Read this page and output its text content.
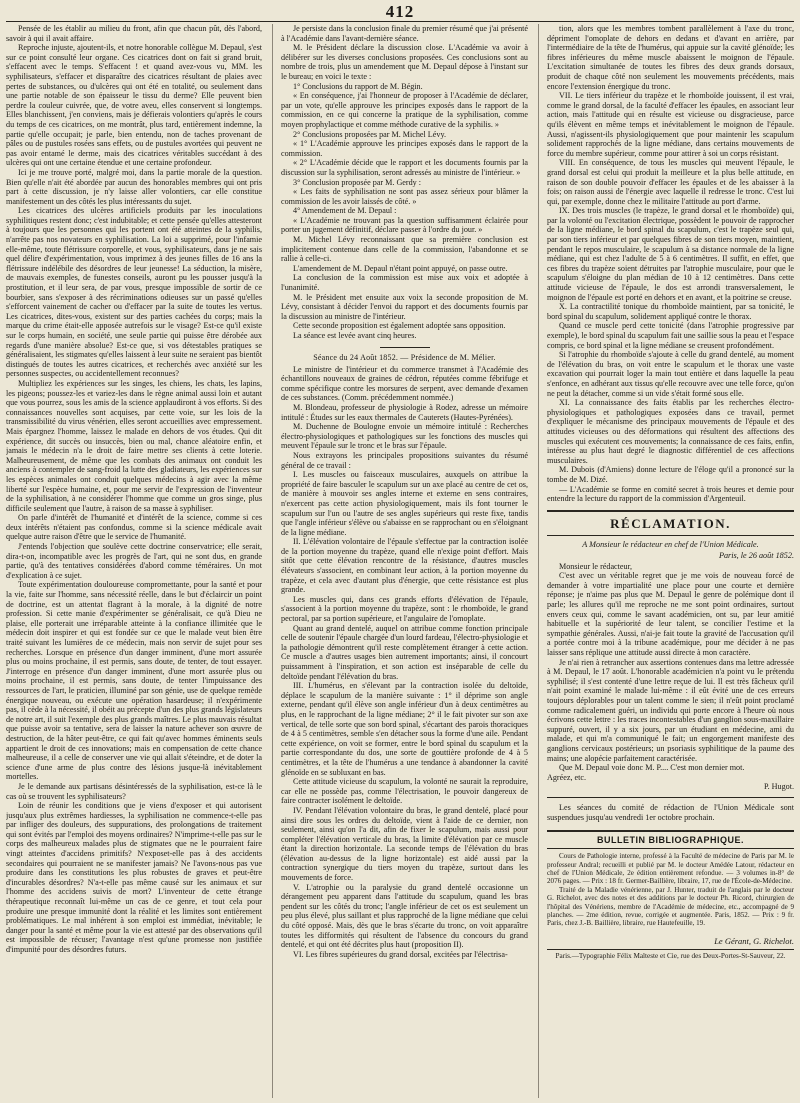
412

Pensée de les établir au milieu du front, afin que chacun pût, dès l'abord, savoir à qui il avait affaire.

Reproche injuste, ajoutent-ils, et notre honorable collègue M. Depaul, s'est sur ce point consulté leur organe. Ces cicatrices dont on fait si grand bruit, s'effacent avec le temps. S'effacent ! et quand avez-vous vu, MM. les syphilisateurs, s'effacer et disparaître des cicatrices résultant de plaies avec pertes de substances, ou d'ulcères qui ont été en totalité, ou seulement dans une partie notable de son épaisseur le tissu du derme? Elle peuvent bien perdre la couleur cuivrée, que, de votre aveu, elles conservent si longtemps. Elles blanchissent, j'en conviens, mais je défierais volontiers qu'après le cours du temps de ces cicatrices, on me montrât, plus tard, entièrement indemne, la partie qu'elle occupait; je parle, bien entendu, non de taches provenant de pâles ou de pustules rosées sans effets, ou de pustules avortées qui peuvent ne pas avoir entamé le derme, mais des cicatrices véritables succédant à des ulcères qui ont une certaine étendue et une certaine profondeur.

Ici je me trouve porté, malgré moi, dans la partie morale de la question. Bien qu'elle n'ait été abordée par aucun des honorables membres qui ont pris part à cette discussion, je n'y laisse aller volontiers, car elle constitue manifestement un des côtés les plus intéressants du sujet.

Les cicatrices des ulcères artificiels produits par les inoculations syphilitiques restent donc; c'est indubitable; et cette pensée qu'elles attesteront à toujours que les personnes qui les portent ont été atteintes de la syphilis, n'arrête pas nos novateurs en syphilisation. La loi a supprimé, pour l'infamie elle-même, toute flétrissure corporelle, et vous, syphilisateurs, dans je ne sais quel délire d'expérimentation, vous imprimez à des jeunes filles de 16 ans la flétrissure indélébile des désordres de leur jeunesse! La séduction, la misère, de mauvais exemples, de funestes conseils, auront pu les pousser jusqu'à la prostitution, et il leur sera, de par vous, presque impossible de sortir de ce bourbier, sans s'exposer à des récriminations odieuses sur un passé qu'elles s'efforcent vainement de cacher ou d'effacer par la suite de toutes les vertus. Les cicatrices, dites-vous, existent sur des parties cachées du corps; mais la marque du crime était-elle apposée autrefois sur le visage? Est-ce qu'il existe sur le corps humain, en société, une seule partie qui puisse être dérobée aux regards d'une manière absolue? Est-ce que, si vos détestables pratiques se généralisaient, les stigmates qu'elles laissent à leur suite ne seraient pas bientôt distingués de toutes les autres cicatrices, et recherchés avec anxiété sur les personnes suspectes, ou accidentellement reconnues?

Multipliez les expériences sur les singes, les chiens, les chats, les lapins, les pigeons; poussez-les et variez-les dans le règne animal aussi loin et autant que vous pourrez, sous les amis de la science applaudiront à vos efforts. Si des connaissances nouvelles sont acquises, par cette voie, sur les lois de la transmissibilité du virus vénérien, elles seront accueillies avec empressement. Mais épargnez l'homme, laissez le malade en dehors de vos études. Qui dit expérience, dit succès ou insuccès, bien ou mal, chance aléatoire enfin, et jamais le médecin n'a le droit de faire mettre ses clients à cette loterie. Malheureusement, de même que les combats des animaux ont conduit les anciens à contempler de sang-froid la lutte des gladiateurs, les expériences sur les espèces animales ont conduit quelques médecins à agir avec la même liberté sur l'espèce humaine, et, pour me servir de l'expression de l'inventeur de la syphilisation, à ne considérer l'homme que comme un gros singe, plus difficile seulement que l'autre, à raison de sa masse à syphiliser.

On parle d'intérêt de l'humanité et d'intérêt de la science, comme si ces deux intérêts n'étaient pas confondus, comme si la science médicale avait quelque autre raison d'être que le service de l'humanité.

J'entends l'objection que soulève cette doctrine conservatrice; elle serait, dira-t-on, incompatible avec les progrès de l'art, qui ne sont dus, en grande partie, qu'à des tentatives considérées d'abord comme téméraires. Un mot d'explication à ce sujet.

Toute expérimentation douloureuse compromettante, pour la santé et pour la vie, faite sur l'homme, sans nécessité réelle, dans le but d'éclaircir un point de doctrine, est un attentat flagrant à la morale, à la dignité de notre profession. Si cette manie d'expérimenter se généralisait, ce qu'à Dieu ne plaise, elle porterait une irréparable atteinte à la confiance illimitée que le médecin doit inspirer et qui est fondée sur ce que le malade veut bien être traité suivant les lumières de ce médecin, mais non servir de sujet pour ses recherches. Lorsque en présence d'un danger imminent, d'une mort assurée plus ou moins prochaine, il est permis, sans doute, de tenter, de tout essayer. J'interroge en présence d'un danger imminent, d'une mort assurée plus ou moins prochaine, il est permis, sans doute, de tenter l'impuissance des ressources de l'art, le praticien, illuminé par son génie, use de quelque remède énergique nouveau, ou exécute une opération hasardeuse; il n'expérimente pas, il cède à la nécessité, il obéit au précepte d'un des plus grands législateurs de notre art, il suit l'exemple des plus grands maîtres. Le plus mauvais résultat que puisse avoir sa tentative, sera de laisser la nature achever son œuvre de destruction, de la hâter peut-être, ce qui fait qu'avec hommes éminents seuls appartient le droit de ces innovations; mais en compensation de cette chance malheureuse, il a celle de conserver une vie qui allait s'éteindre, et de doter la science d'une arme de plus contre des lésions jusque-là inévitablement mortelles.

Je le demande aux partisans désintéressés de la syphilisation, est-ce là le cas où se trouvent les syphilisateurs?

Loin de réunir les conditions que je viens d'exposer et qui autorisent jusqu'aux plus extrêmes hardiesses, la syphilisation ne commence-t-elle pas par infliger des douleurs, des suppurations, des prolongations de traitement qui sont évités par l'emploi des moyens ordinaires? N'imprime-t-elle pas sur le corps des malheureux malades plus de stigmates que ne le pourraient faire vingt atteintes d'accidens primitifs? N'exposet-elle pas à des accidents secondaires qui pourraient ne se manifester jamais? Ne l'avons-nous pas vue produire dans les constitutions les plus robustes de graves et peut-être d'incurables désordres? N'a-t-elle pas même causé sur les animaux et sur l'homme des accidens suivis de mort? L'inventeur de cette étrange thérapeutique reconnaît lui-même un cas de ce genre, et tout cela pour produire une presque immunité dont la réalité et les limites sont entièrement problématiques. Le mal inhérent à son emploi est immédiat, inévitable; le danger pour la santé et même pour la vie est attesté par des observations qu'il est impossible de récuser; l'avantage n'est qu'une promesse non justifiée d'impunité pour des désordres futurs.

Je persiste dans la conclusion finale du premier résumé que j'ai présenté à l'Académie dans l'avant-dernière séance.

M. le Président déclare la discussion close. L'Académie va avoir à délibérer sur les diverses conclusions proposées. Ces conclusions sont au nombre de trois, plus un amendement que M. Depaul dépose à l'instant sur le bureau; en voici le texte :

1° Conclusions du rapport de M. Bégin.

« En conséquence, j'ai l'honneur de proposer à l'Académie de déclarer, par un vote, qu'elle approuve les principes exposés dans le rapport de la commission, en ce qui concerne la pratique de la syphilisation, comme moyen prophylactique et comme méthode curative de la syphilis. »

2° Conclusions proposées par M. Michel Lévy.

« 1° L'Académie approuve les principes exposés dans le rapport de la commission.

« 2° L'Académie décide que le rapport et les documents fournis par la discussion sur la syphilisation, seront adressés au ministre de l'intérieur. »

3° Conclusion proposée par M. Gerdy :

« Les faits de syphilisation ne sont pas assez sérieux pour blâmer la commission de les avoir laissés de côté. »

4° Amendement de M. Depaul :

« L'Académie ne trouvant pas la question suffisamment éclairée pour porter un jugement définitif, déclare passer à l'ordre du jour. »

M. Michel Lévy reconnaissant que sa première conclusion est implicitement contenue dans celle de la commission, l'abandonne et se rallie à celle-ci.

L'amendement de M. Depaul n'étant point appuyé, on passe outre.

La conclusion de la commission est mise aux voix et adoptée à l'unanimité.

M. le Président met ensuite aux voix la seconde proposition de M. Lévy, consistant à décider l'envoi du rapport et des documents fournis par la discussion au ministre de l'intérieur.

Cette seconde proposition est également adoptée sans opposition.

La séance est levée avant cinq heures.

Séance du 24 Août 1852. — Présidence de M. Mélier.

Le ministre de l'intérieur et du commerce transmet à l'Académie des échantillons nouveaux de graines de cédron, réputées comme fébrifuge et comme spécifique contre les morsures de serpent, avec demande d'examen de ces substances. (Comm. précédemment nommée.)

M. Blondeau, professeur de physiologie à Rodez, adresse un mémoire intitulé : Études sur les eaux thermales de Cauterets (Hautes-Pyrénées).

M. Duchenne de Boulogne envoie un mémoire intitulé : Recherches électro-physiologiques et pathologiques sur les fonctions des muscles qui meuvent l'épaule sur le tronc et le bras sur l'épaule.

Nous extrayons les principales propositions suivantes du résumé général de ce travail :

I. Les muscles ou faisceaux musculaires, auxquels on attribue la propriété de faire basculer le scapulum sur un axe placé au centre de cet os, de manière à mouvoir ses angles interne et externe en sens contraires, n'exercent pas cette action physiologiquement, mais ils font tourner le scapulum sur l'un ou l'autre de ses angles supérieurs qui reste fixe, tandis que l'angle inférieur s'élève ou s'abaisse en se rapprochant ou en s'éloignant de la ligne médiane.

II. L'élévation volontaire de l'épaule s'effectue par la contraction isolée de la portion moyenne du trapèze, quand elle n'exige point d'effort. Mais sitôt que cette élévation rencontre de la résistance, d'autres muscles élévateurs s'associent, en combinant leur action, à la portion moyenne du trapèze, et cela avec d'autant plus d'énergie, que cette résistance est plus grande.

Les muscles qui, dans ces grands efforts d'élévation de l'épaule, s'associent à la portion moyenne du trapèze, sont : le rhomboïde, le grand pectoral, par sa portion supérieure, et l'angulaire de l'omoplate.

Quant au grand dentelé, auquel on attribue comme fonction principale celle de soutenir l'épaule chargée d'un lourd fardeau, l'électro-physiologie et la pathologie démontrent qu'il reste complètement étranger à cette action. Ce muscle a d'autres usages bien autrement importants; ainsi, il concourt puissamment à l'inspiration, et son action est inséparable de celle du deltoïde pendant l'élévation du bras.

III. L'humérus, en s'élevant par la contraction isolée du deltoïde, déplace le scapulum de la manière suivante : 1° il déprime son angle externe, pendant qu'il élève son angle inférieur d'un à deux centimètres au plus, en le rapprochant de la ligne médiane; 2° il le fait pivoter sur son axe vertical, de telle sorte que son bord spinal, s'écartant des parois thoraciques de 4 à 5 centimètres, semble s'en détacher sous la forme d'une aile. Pendant cette expérience, on voit se former, entre le bord spinal du scapulum et la partie correspondante du dos, une sorte de gouttière profonde de 4 à 5 centimètres, et la tête de l'humérus a une tendance à abandonner la cavité glénoïde en se subluxant en bas.

Cette attitude vicieuse du scapulum, la volonté ne saurait la reproduire, car elle ne possède pas, comme l'électrisation, le pouvoir dangereux de faire contracter isolément le deltoïde.

IV. Pendant l'élévation volontaire du bras, le grand dentelé, placé pour ainsi dire sous les ordres du deltoïde, vient à l'aide de ce dernier, non seulement, ainsi qu'on l'a dit, afin de fixer le scapulum, mais aussi pour compléter l'élévation verticale du bras, la limite d'élévation par ce muscle étant la direction horizontale. La seconde temps de l'élévation du bras (élévation au-dessus de la ligne horizontale) est aidé aussi par la contraction synergique du tiers moyen du trapèze, surtout dans les mouvements de force.

V. L'atrophie ou la paralysie du grand dentelé occasionne un dérangement peu apparent dans l'attitude du scapulum, quand les bras pendent sur les côtés du tronc; l'angle inférieur de cet os est seulement un peu plus élevé, plus saillant et plus rapproché de la ligne médiane que celui du côté opposé. Mais, dès que le bras s'écarte du tronc, on voit apparaître toutes les difformités qui résultent de l'absence du concours du grand dentelé, et qui ont été décrites plus haut (proposition II).

VI. Les fibres supérieures du grand dorsal, excitées par l'électrisa-

tion, alors que les membres tombent parallèlement à l'axe du tronc, dépriment l'omoplate de dehors en dedans et d'avant en arrière, par l'intermédiaire de la tête de l'humérus, qui appuie sur la cavité glénoïde; les fibres inférieures du même muscle abaissent le moignon de l'épaule. L'excitation simultanée de toutes les fibres des deux grands dorsaux, produit de chaque côté non seulement les mouvements précédents, mais encore l'extension énergique du tronc.

VII. Le tiers inférieur du trapèze et le rhomboïde jouissent, il est vrai, comme le grand dorsal, de la faculté d'effacer les épaules, en associant leur action, mais l'attitude qui en résulte est vicieuse ou disgracieuse, parce qu'ils élèvent en même temps et inévitablement le moignon de l'épaule. Aussi, n'agissent-ils physiologiquement que pour maintenir les scapulum solidement rapprochés de la ligne médiane, dans certains mouvements de force du membre supérieur, comme pour attirer à soi un corps résistant.

VIII. En conséquence, de tous les muscles qui meuvent l'épaule, le grand dorsal est celui qui produit la meilleure et la plus belle attitude, en raison de son double pouvoir d'effacer les épaules et de les abaisser à la fois; on raison aussi de l'énergie avec laquelle il redresse le tronc. C'est lui qui, par exemple, donne chez le militaire l'attitude au port d'arme.

IX. Des trois muscles (le trapèze, le grand dorsal et le rhomboïde) qui, par la volonté ou l'excitation électrique, possèdent le pouvoir de rapprocher de la ligne médiane, le bord spinal du scapulum, c'est le trapèze seul qui, par son tiers inférieur et par quelques fibres de son tiers moyen, maintient, pendant le repos musculaire, le scapulum à sa distance normale de la ligne médiane, qui est chez l'adulte de 5 à 6 centimètres. Il suffit, en effet, que ces fibres du trapèze soient détruites par l'atrophie musculaire, pour que le scapulum s'éloigne du plan médian de 10 à 12 centimètres. Dans cette attitude vicieuse de l'épaule, le dos est arrondi transversalement, le moignon de l'épaule est porté en dehors et en avant, et la poitrine se creuse.

X. La contractilité tonique du rhomboïde maintient, par sa tonicité, le bord spinal du scapulum, solidement appliqué contre le thorax.

Quand ce muscle perd cette tonicité (dans l'atrophie progressive par exemple), le bord spinal du scapulum fait une saillie sous la peau et l'espace compris, ce bord spinal et la ligne médiane se creusent profondément.

Si l'atrophie du rhomboïde s'ajoute à celle du grand dentelé, au moment de l'élévation du bras, on voit entre le scapulum et le thorax une vaste excavation qui pourrait loger la main tout entière et dans laquelle la peau s'enfonce, en adhérant aux tissus qu'elle recouvre avec une telle force, qu'on ne peut la détacher, comme si un vide s'était formé sous elle.

XI. La connaissance des faits établis par les recherches électro-physiologiques et pathologiques exposées dans ce travail, permet d'expliquer le mécanisme des principaux mouvements de l'épaule et des attitudes vicieuses ou des déformations qui résultent des affections des muscles qui exécutent ces mouvements; la connaissance de ces faits, enfin, intéresse au plus haut degré le diagnostic différentiel de ces affections musculaires.

M. Dubois (d'Amiens) donne lecture de l'éloge qu'il a prononcé sur la tombe de M. Dizé.

— L'Académie se forme en comité secret à trois heures et demie pour entendre la lecture du rapport de la commission d'Argenteuil.

RÉCLAMATION.
A Monsieur le rédacteur en chef de l'Union Médicale.
Paris, le 26 août 1852.

Monsieur le rédacteur,

C'est avec un véritable regret que je me vois de nouveau forcé de demander à votre impartialité une place pour une courte et dernière réponse; je n'aime pas plus que M. Depaul le genre de polémique dont il parle; les allures qu'il me reproche ne me sont point ordinaires, surtout envers ceux qui, comme le savant académicien, ont su, par leur amitié habituelle et la supériorité de leur talent, se concilier l'estime et la sympathie générales. Aussi, n'ai-je fait toute la gravité de l'accusation qu'il a portée contre moi à la tribune académique, pour me décider à ne pas laisser sans réplique une attitude aussi directe à mon caractère.

Je n'ai rien à retrancher aux assertions contenues dans ma lettre adressée à M. Depaul, le 17 août. L'honorable académicien n'a point vu le prétendu syphilisé; il s'est contenté d'une lettre reçue de lui. Il est très fâcheux qu'il n'ait point examiné le malade lui-même : il eût évité une de ces erreurs toujours déplorables pour un talent comme le sien; il n'eût point proclamé comme radicalement guéri, un individu qui porte encore à l'heure où nous écrivons cette lettre : les traces incontestables d'un ganglion sous-maxillaire suppuré, ouvert, il y a six jours, par un étudiant en médecine, ami du malade, et qui m'a communiqué le fait; un engorgement manifeste des ganglions cervicaux postérieurs; un psoriasis syphilitique de la paume des mains; une alopécie parfaitement caractérisée.

Que M. Depaul voie donc M. P.... C'est mon dernier mot.

Agréez, etc.
P. Hugot.

Les séances du comité de rédaction de l'Union Médicale sont suspendues jusqu'au vendredi 1er octobre prochain.

BULLETIN BIBLIOGRAPHIQUE.

Cours de Pathologie interne, professé à la Faculté de médecine de Paris par M. le professeur Andral; recueilli et publié par M. le docteur Amédée Latour, rédacteur en chef de l'Union Médicale, 2e édition entièrement refondue. — 3 volumes in-8° de 2076 pages. — Prix : 18 fr. Germer-Baillière, libraire, 17, rue de l'École-de-Médecine.

Traité de la Maladie vénérienne, par J. Hunter, traduit de l'anglais par le docteur G. Richelot, avec des notes et des additions par le docteur Ph. Ricord, chirurgien de l'hôpital des Vénériens, membre de l'Académie de médecine, etc., accompagné de 9 planches. — 2me édition, revue, corrigée et augmentée. Paris, 1852. — Prix : 9 fr. Paris, chez J.-B. Baillière, libraire, rue Hautefeuille, 19.

Le Gérant, G. Richelot.
Paris.—Typographie Félix Malteste et Cie, rue des Deux-Portes-St-Sauveur, 22.
